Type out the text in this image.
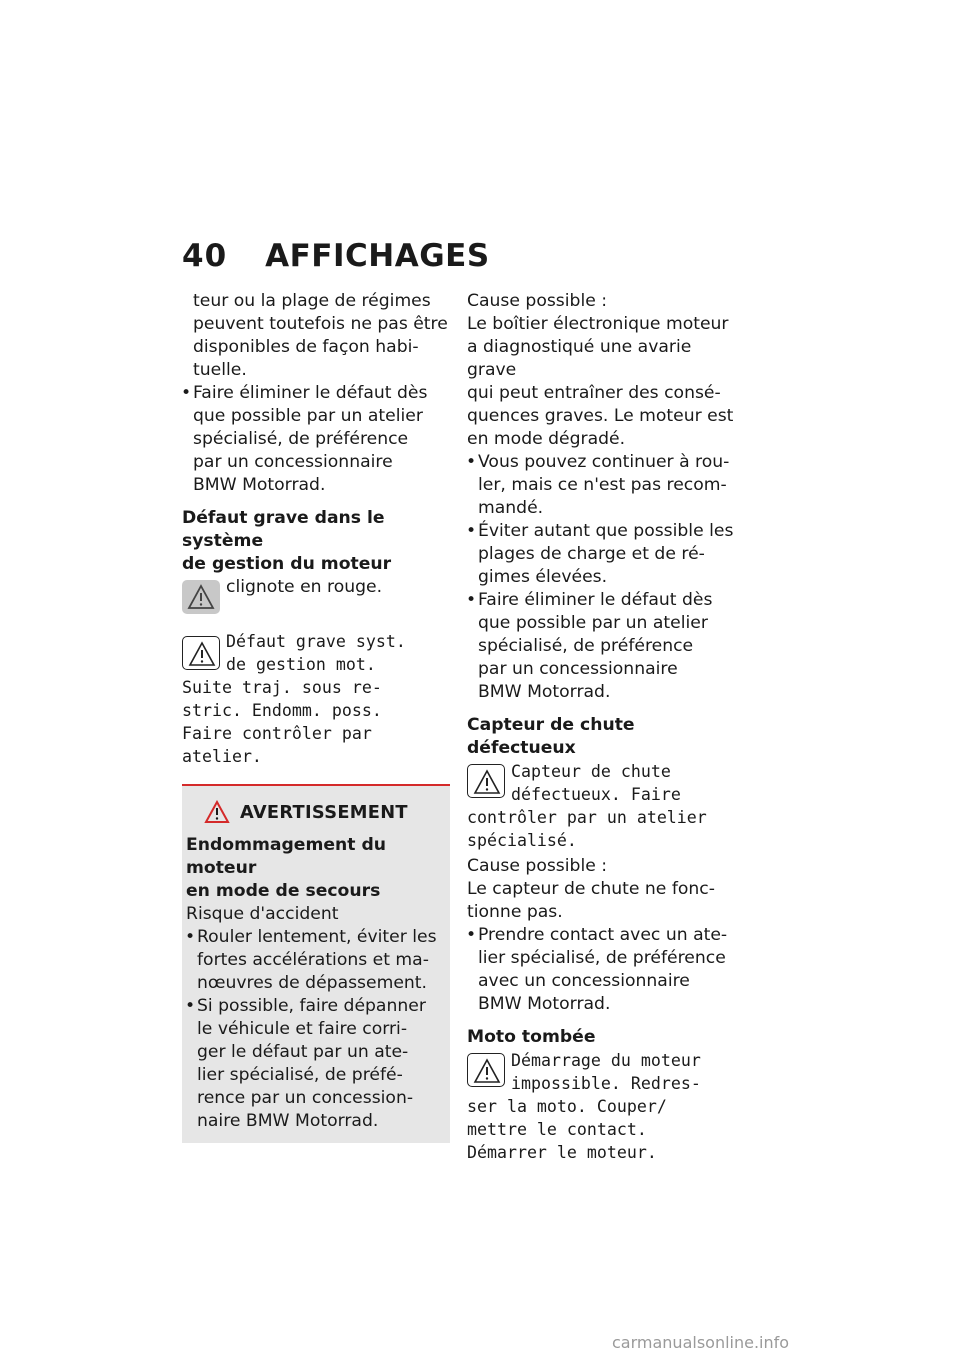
40 AFFICHAGES

teur ou la plage de régimes

peuvent toutefois ne pas être

disponibles de façon habi-

tuelle.

• Faire éliminer le défaut dès
que possible par un atelier
spécialisé, de préférence
par un concessionnaire
BMW Motorrad.
Défaut grave dans le système
de gestion du moteur
clignote en rouge.
Défaut grave syst.
de gestion mot.
Suite traj. sous re-
stric. Endomm. poss.
Faire contrôler par
atelier.
AVERTISSEMENT
Endommagement du moteur
en mode de secours

Risque d'accident

• Rouler lentement, éviter les
fortes accélérations et ma-
nœuvres de dépassement.
• Si possible, faire dépanner
le véhicule et faire corri-
ger le défaut par un ate-
lier spécialisé, de préfé-
rence par un concession-
naire BMW Motorrad.

Cause possible :

Le boîtier électronique moteur

a diagnostiqué une avarie grave

qui peut entraîner des consé-

quences graves. Le moteur est

en mode dégradé.

• Vous pouvez continuer à rou-
ler, mais ce n'est pas recom-
mandé.
• Éviter autant que possible les
plages de charge et de ré-
gimes élevées.
• Faire éliminer le défaut dès
que possible par un atelier
spécialisé, de préférence
par un concessionnaire
BMW Motorrad.
Capteur de chute défectueux
Capteur de chute
défectueux. Faire
contrôler par un atelier
spécialisé.

Cause possible :

Le capteur de chute ne fonc-

tionne pas.

• Prendre contact avec un ate-
lier spécialisé, de préférence
avec un concessionnaire
BMW Motorrad.
Moto tombée
Démarrage du moteur
impossible. Redres-
ser la moto. Couper/
mettre le contact.
Démarrer le moteur.
carmanualsonline.info
